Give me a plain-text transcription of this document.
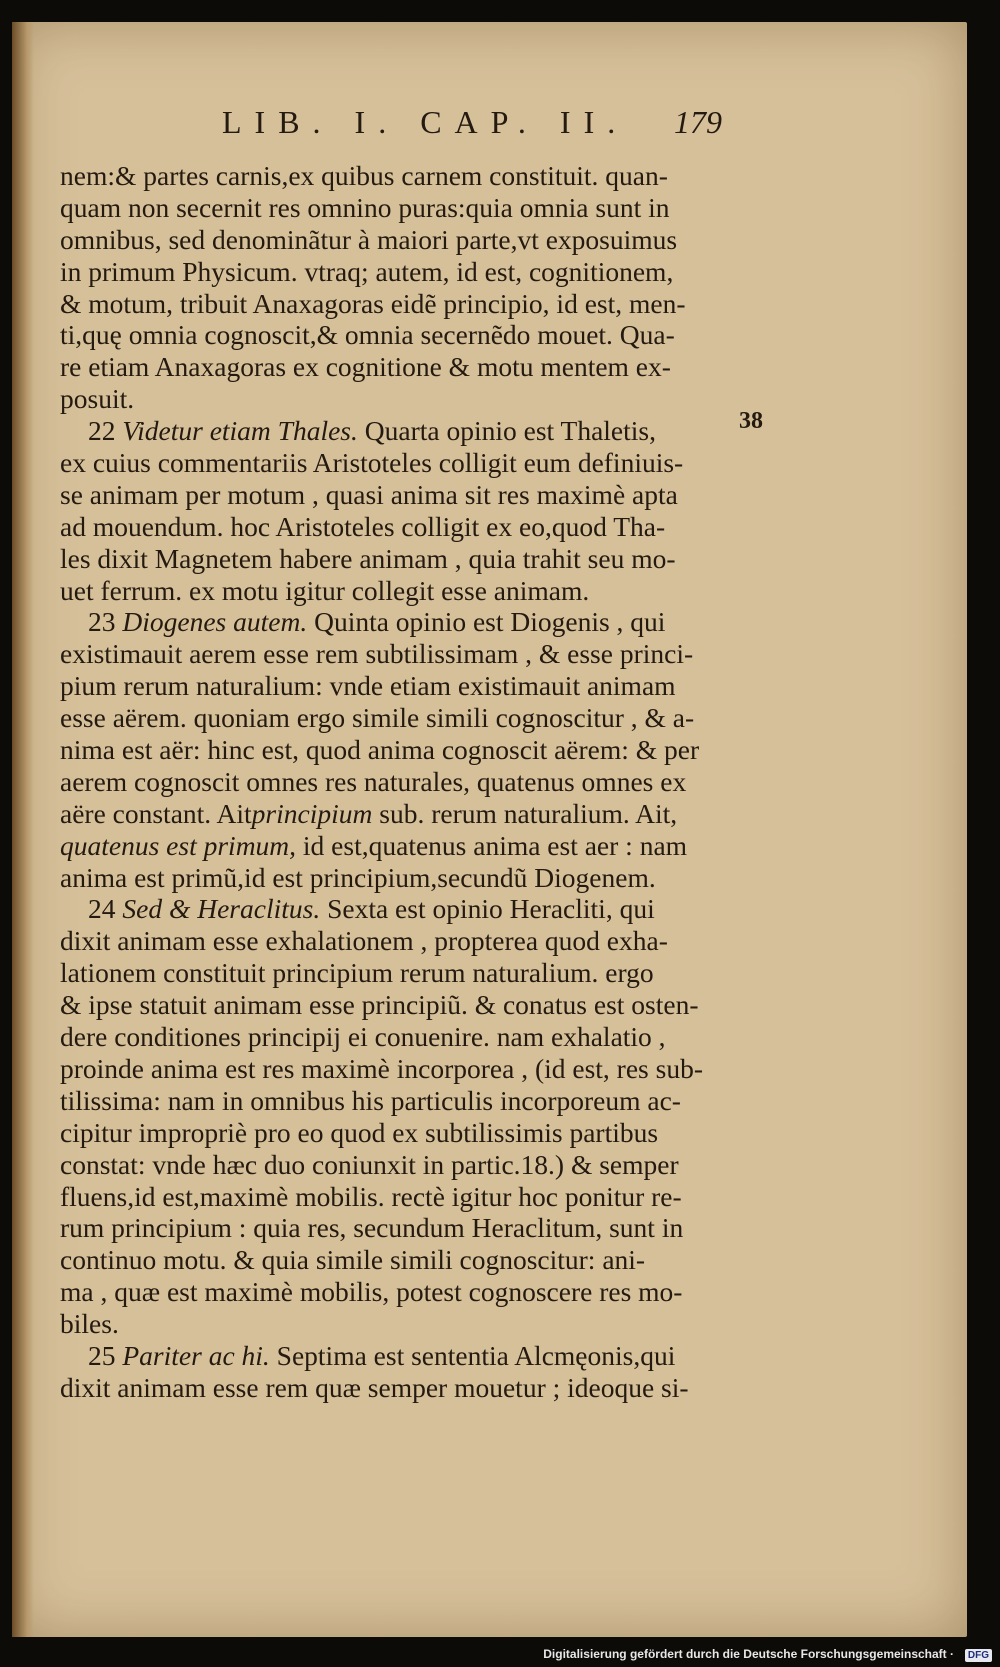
LIB. I. CAP. II. 179
nem:& partes carnis,ex quibus carnem constituit. quan-
quam non secernit res omnino puras:quia omnia sunt in
omnibus, sed denominãtur à maiori parte,vt exposuimus
in primum Physicum. vtraq; autem, id est, cognitionem,
& motum, tribuit Anaxagoras eidẽ principio, id est, men-
ti,quę omnia cognoscit,& omnia secernẽdo mouet. Qua-
re etiam Anaxagoras ex cognitione & motu mentem ex-
posuit.
22 Videtur etiam Thales. Quarta opinio est Thaletis,
ex cuius commentariis Aristoteles colligit eum definiuis-
se animam per motum , quasi anima sit res maximè apta
ad mouendum. hoc Aristoteles colligit ex eo,quod Tha-
les dixit Magnetem habere animam , quia trahit seu mo-
uet ferrum. ex motu igitur collegit esse animam.
23 Diogenes autem. Quinta opinio est Diogenis , qui
existimauit aerem esse rem subtilissimam , & esse princi-
pium rerum naturalium: vnde etiam existimauit animam
esse aërem. quoniam ergo simile simili cognoscitur , & a-
nima est aër: hinc est, quod anima cognoscit aërem: & per
aerem cognoscit omnes res naturales, quatenus omnes ex
aëre constant. Aitprincipium sub. rerum naturalium. Ait,
quatenus est primum, id est,quatenus anima est aer : nam
anima est primũ,id est principium,secundũ Diogenem.
24 Sed & Heraclitus. Sexta est opinio Heracliti, qui
dixit animam esse exhalationem , propterea quod exha-
lationem constituit principium rerum naturalium. ergo
& ipse statuit animam esse principiũ. & conatus est osten-
dere conditiones principij ei conuenire. nam exhalatio ,
proinde anima est res maximè incorporea , (id est, res sub-
tilissima: nam in omnibus his particulis incorporeum ac-
cipitur impropriè pro eo quod ex subtilissimis partibus
constat: vnde hæc duo coniunxit in partic.18.) & semper
fluens,id est,maximè mobilis. rectè igitur hoc ponitur re-
rum principium : quia res, secundum Heraclitum, sunt in
continuo motu. & quia simile simili cognoscitur: ani-
ma , quæ est maximè mobilis, potest cognoscere res mo-
biles.
25 Pariter ac hi. Septima est sententia Alcmęonis,qui
dixit animam esse rem quæ semper mouetur ; ideoque si-
38
Digitalisierung gefördert durch die Deutsche Forschungsgemeinschaft ·	DFG
